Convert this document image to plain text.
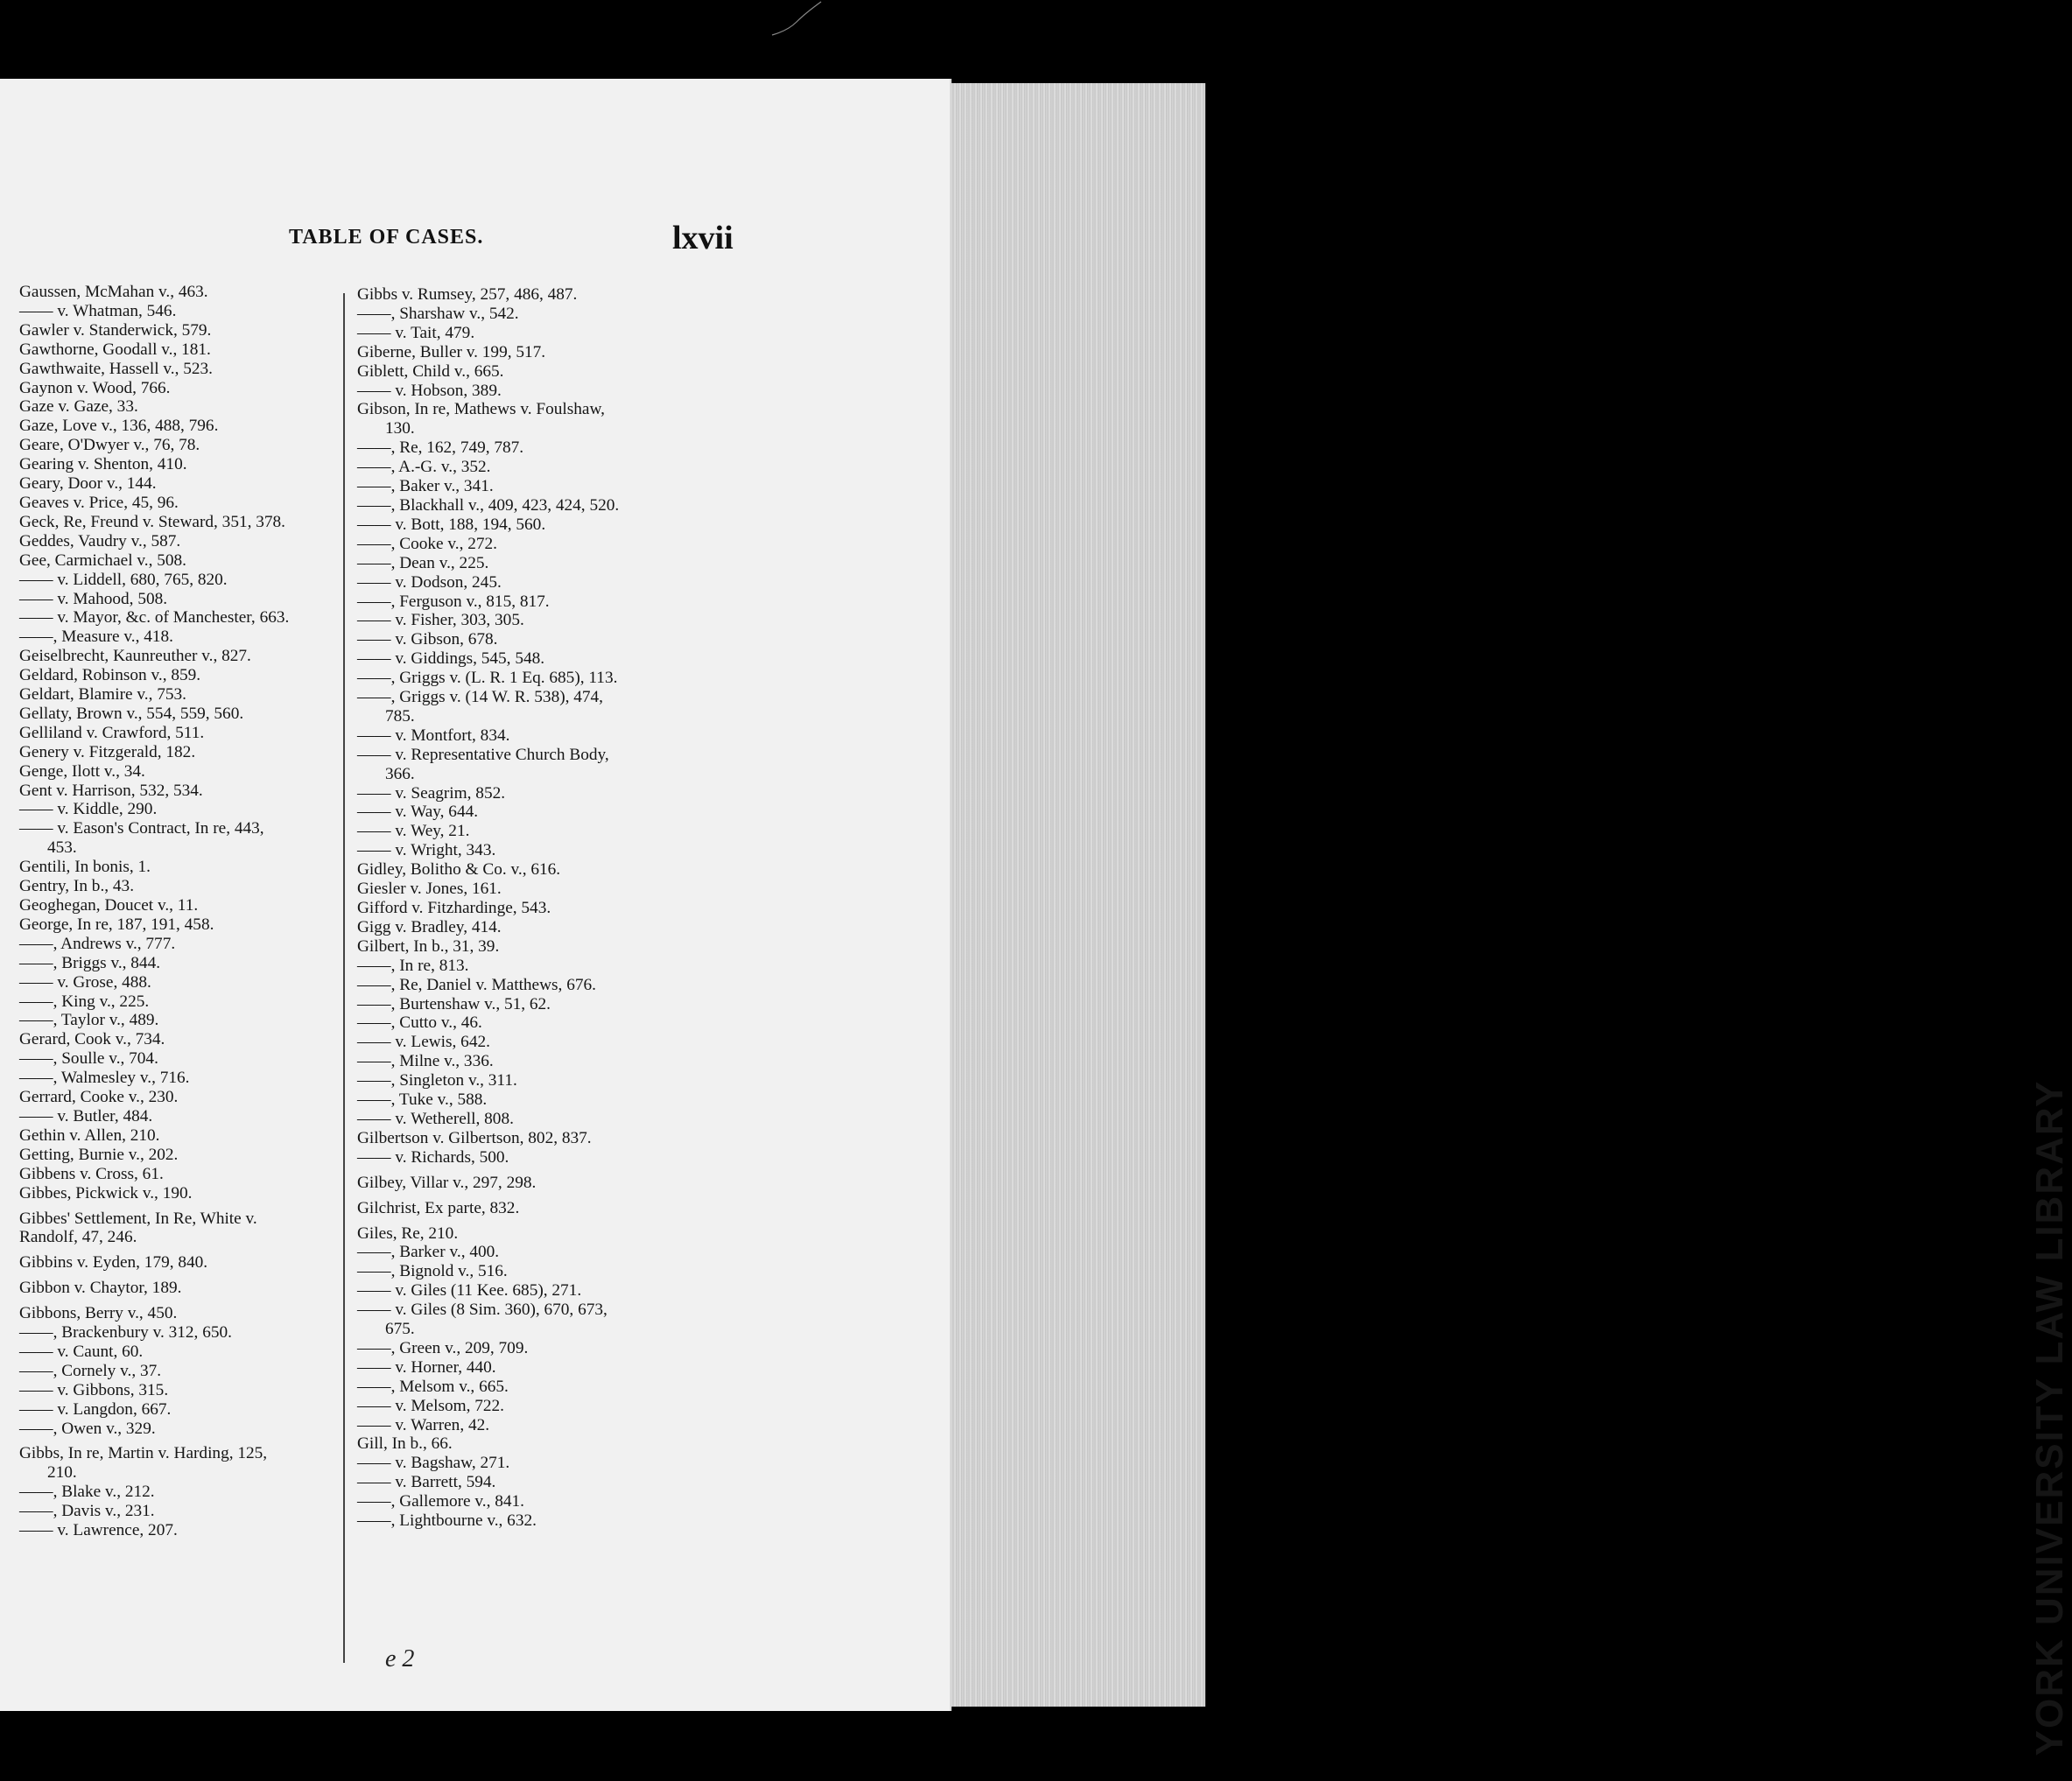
TABLE OF CASES.	lxvii
Gaussen, McMahan v., 463.
—— v. Whatman, 546.
Gawler v. Standerwick, 579.
Gawthorne, Goodall v., 181.
Gawthwaite, Hassell v., 523.
Gaynon v. Wood, 766.
Gaze v. Gaze, 33.
Gaze, Love v., 136, 488, 796.
Geare, O'Dwyer v., 76, 78.
Gearing v. Shenton, 410.
Geary, Door v., 144.
Geaves v. Price, 45, 96.
Geck, Re, Freund v. Steward, 351, 378.
Geddes, Vaudry v., 587.
Gee, Carmichael v., 508.
—— v. Liddell, 680, 765, 820.
—— v. Mahood, 508.
—— v. Mayor, &c. of Manchester, 663.
——, Measure v., 418.
Geiselbrecht, Kaunreuther v., 827.
Geldard, Robinson v., 859.
Geldart, Blamire v., 753.
Gellaty, Brown v., 554, 559, 560.
Gelliland v. Crawford, 511.
Genery v. Fitzgerald, 182.
Genge, Ilott v., 34.
Gent v. Harrison, 532, 534.
—— v. Kiddle, 290.
—— v. Eason's Contract, In re, 443,
453.
Gentili, In bonis, 1.
Gentry, In b., 43.
Geoghegan, Doucet v., 11.
George, In re, 187, 191, 458.
——, Andrews v., 777.
——, Briggs v., 844.
—— v. Grose, 488.
——, King v., 225.
——, Taylor v., 489.
Gerard, Cook v., 734.
——, Soulle v., 704.
——, Walmesley v., 716.
Gerrard, Cooke v., 230.
—— v. Butler, 484.
Gethin v. Allen, 210.
Getting, Burnie v., 202.
Gibbens v. Cross, 61.
Gibbes, Pickwick v., 190.
Gibbes' Settlement, In Re, White v.
Randolf, 47, 246.
Gibbins v. Eyden, 179, 840.
Gibbon v. Chaytor, 189.
Gibbons, Berry v., 450.
——, Brackenbury v. 312, 650.
—— v. Caunt, 60.
——, Cornely v., 37.
—— v. Gibbons, 315.
—— v. Langdon, 667.
——, Owen v., 329.
Gibbs, In re, Martin v. Harding, 125,
210.
——, Blake v., 212.
——, Davis v., 231.
—— v. Lawrence, 207.
Gibbs v. Rumsey, 257, 486, 487.
——, Sharshaw v., 542.
—— v. Tait, 479.
Giberne, Buller v. 199, 517.
Giblett, Child v., 665.
—— v. Hobson, 389.
Gibson, In re, Mathews v. Foulshaw,
130.
——, Re, 162, 749, 787.
——, A.-G. v., 352.
——, Baker v., 341.
——, Blackhall v., 409, 423, 424, 520.
—— v. Bott, 188, 194, 560.
——, Cooke v., 272.
——, Dean v., 225.
—— v. Dodson, 245.
——, Ferguson v., 815, 817.
—— v. Fisher, 303, 305.
—— v. Gibson, 678.
—— v. Giddings, 545, 548.
——, Griggs v. (L. R. 1 Eq. 685), 113.
——, Griggs v. (14 W. R. 538), 474,
785.
—— v. Montfort, 834.
—— v. Representative Church Body,
366.
—— v. Seagrim, 852.
—— v. Way, 644.
—— v. Wey, 21.
—— v. Wright, 343.
Gidley, Bolitho & Co. v., 616.
Giesler v. Jones, 161.
Gifford v. Fitzhardinge, 543.
Gigg v. Bradley, 414.
Gilbert, In b., 31, 39.
——, In re, 813.
——, Re, Daniel v. Matthews, 676.
——, Burtenshaw v., 51, 62.
——, Cutto v., 46.
—— v. Lewis, 642.
——, Milne v., 336.
——, Singleton v., 311.
——, Tuke v., 588.
—— v. Wetherell, 808.
Gilbertson v. Gilbertson, 802, 837.
—— v. Richards, 500.
Gilbey, Villar v., 297, 298.
Gilchrist, Ex parte, 832.
Giles, Re, 210.
——, Barker v., 400.
——, Bignold v., 516.
—— v. Giles (11 Kee. 685), 271.
—— v. Giles (8 Sim. 360), 670, 673,
675.
——, Green v., 209, 709.
—— v. Horner, 440.
——, Melsom v., 665.
—— v. Melsom, 722.
—— v. Warren, 42.
Gill, In b., 66.
—— v. Bagshaw, 271.
—— v. Barrett, 594.
——, Gallemore v., 841.
——, Lightbourne v., 632.
e 2	YORK UNIVERSITY LAW LIBRARY
